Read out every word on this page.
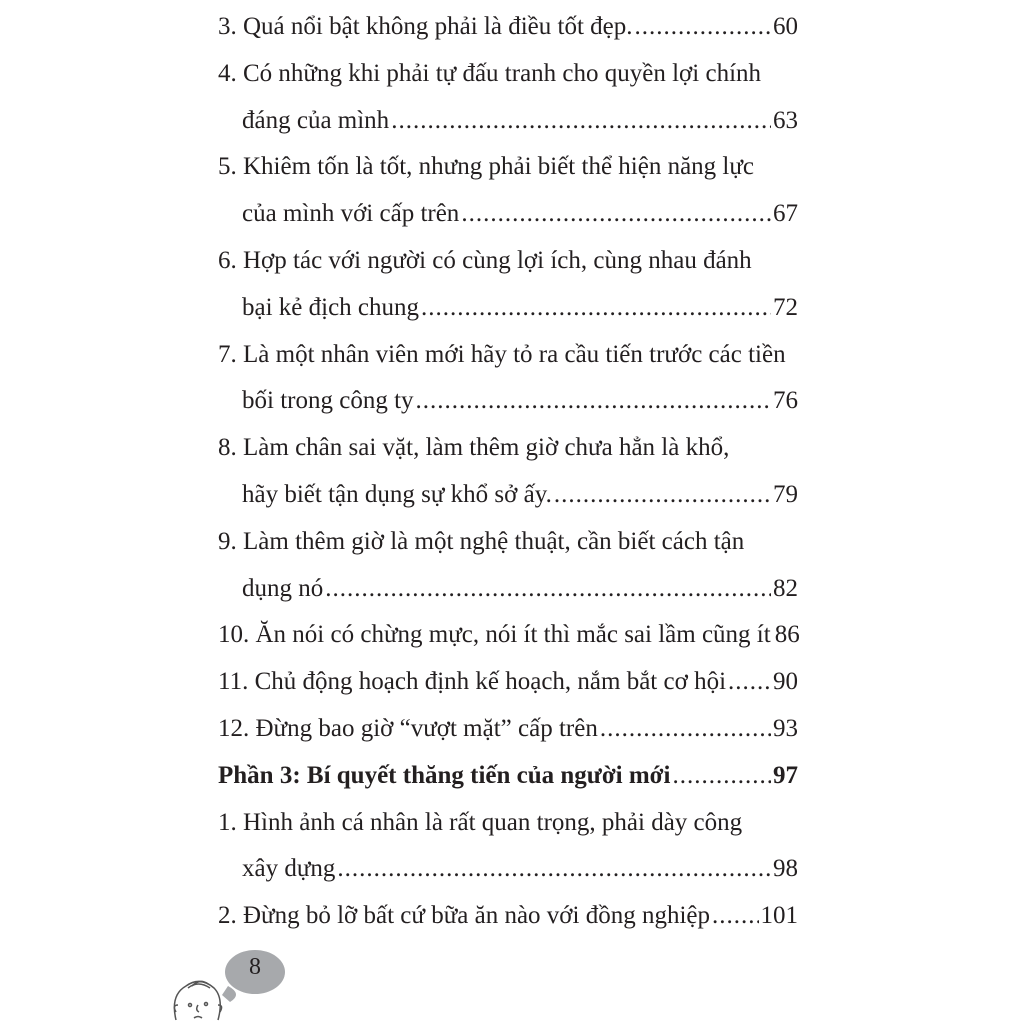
3. Quá nổi bật không phải là điều tốt đẹp. .....	60
4. Có những khi phải tự đấu tranh cho quyền lợi chính
đáng của mình .....	63
5. Khiêm tốn là tốt, nhưng phải biết thể hiện năng lực
của mình với cấp trên .....	67
6. Hợp tác với người có cùng lợi ích, cùng nhau đánh
bại kẻ địch chung .....	72
7. Là một nhân viên mới hãy tỏ ra cầu tiến trước các tiền
bối trong công ty .....	76
8. Làm chân sai vặt, làm thêm giờ chưa hẳn là khổ,
hãy biết tận dụng sự khổ sở ấy. .....	79
9. Làm thêm giờ là một nghệ thuật, cần biết cách tận
dụng nó .....	82
10. Ăn nói có chừng mực, nói ít thì mắc sai lầm cũng ít 86
11. Chủ động hoạch định kế hoạch, nắm bắt cơ hội ..... 90
12. Đừng bao giờ “vượt mặt” cấp trên .....	93
Phần 3: Bí quyết thăng tiến của người mới .....	97
1. Hình ảnh cá nhân là rất quan trọng, phải dày công
xây dựng .....	98
2. Đừng bỏ lỡ bất cứ bữa ăn nào với đồng nghiệp ..... 101
8
